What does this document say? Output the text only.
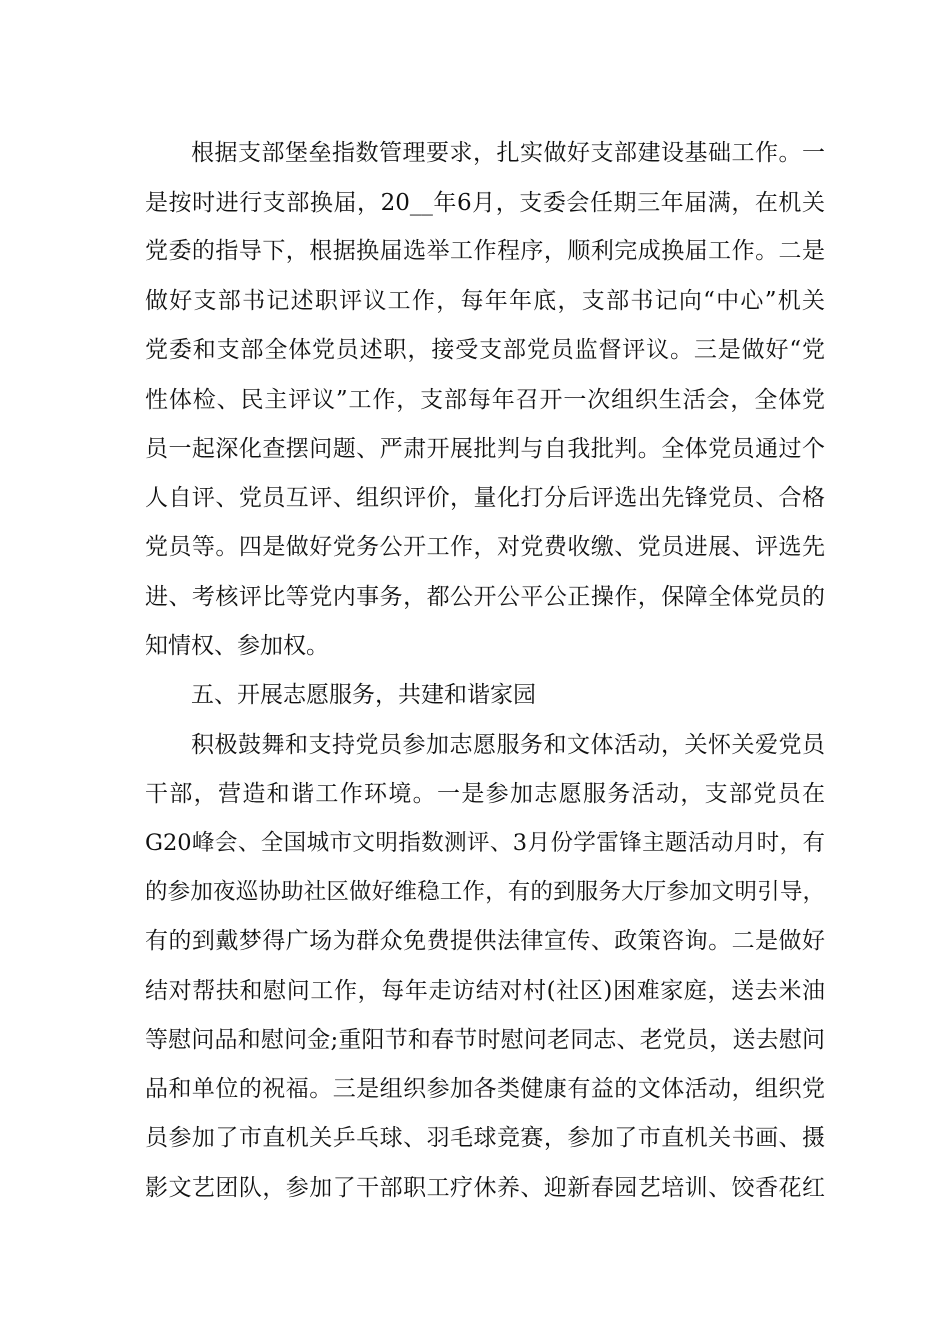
根据支部堡垒指数管理要求，扎实做好支部建设基础工作。一

是按时进行支部换届，20__年6月，支委会任期三年届满，在机关

党委的指导下，根据换届选举工作程序，顺利完成换届工作。二是

做好支部书记述职评议工作，每年年底，支部书记向“中心”机关

党委和支部全体党员述职，接受支部党员监督评议。三是做好“党

性体检、民主评议”工作，支部每年召开一次组织生活会，全体党

员一起深化查摆问题、严肃开展批判与自我批判。全体党员通过个

人自评、党员互评、组织评价，量化打分后评选出先锋党员、合格

党员等。四是做好党务公开工作，对党费收缴、党员进展、评选先

进、考核评比等党内事务，都公开公平公正操作，保障全体党员的

知情权、参加权。

五、开展志愿服务，共建和谐家园

积极鼓舞和支持党员参加志愿服务和文体活动，关怀关爱党员

干部，营造和谐工作环境。一是参加志愿服务活动，支部党员在

G20峰会、全国城市文明指数测评、3月份学雷锋主题活动月时，有

的参加夜巡协助社区做好维稳工作，有的到服务大厅参加文明引导，

有的到戴梦得广场为群众免费提供法律宣传、政策咨询。二是做好

结对帮扶和慰问工作，每年走访结对村(社区)困难家庭，送去米油

等慰问品和慰问金;重阳节和春节时慰问老同志、老党员，送去慰问

品和单位的祝福。三是组织参加各类健康有益的文体活动，组织党

员参加了市直机关乒乓球、羽毛球竞赛，参加了市直机关书画、摄

影文艺团队，参加了干部职工疗休养、迎新春园艺培训、饺香花红
